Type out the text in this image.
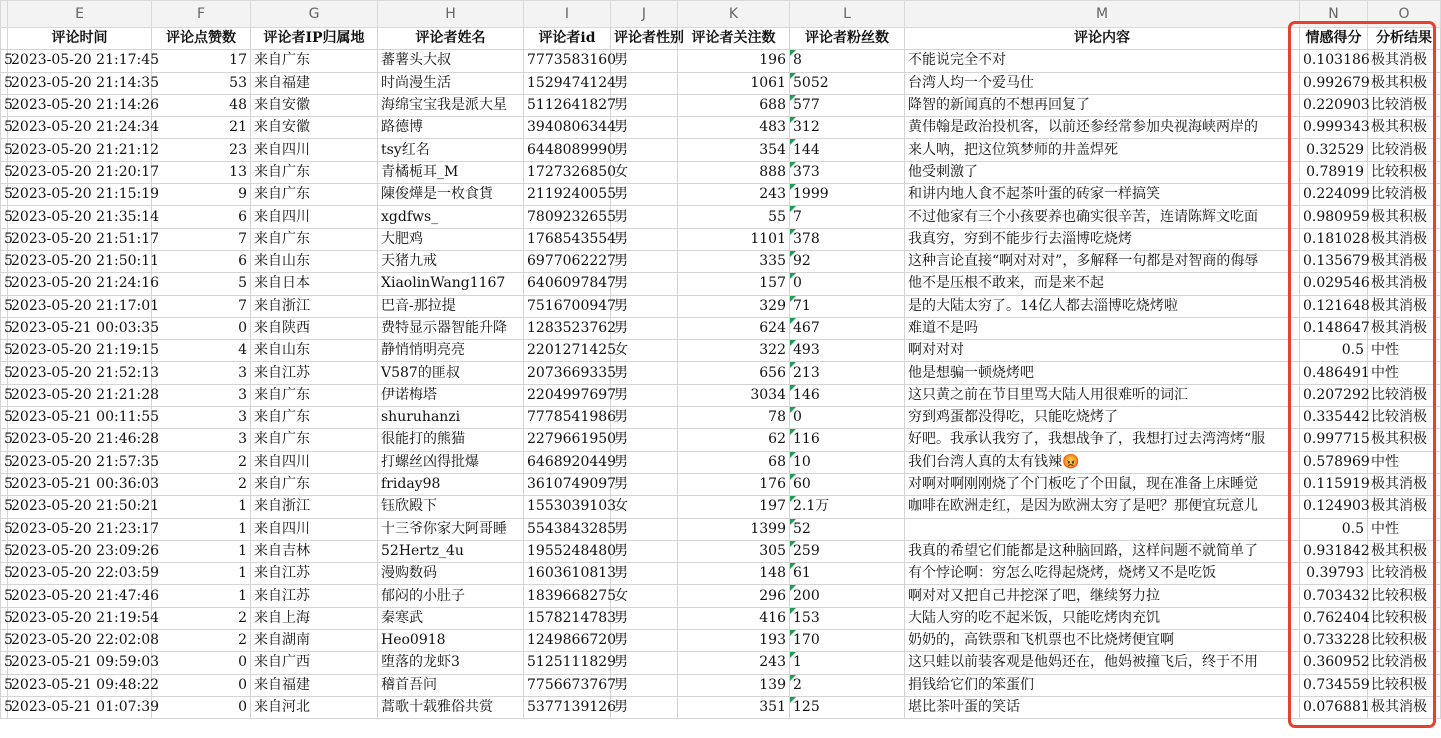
	E	F	G	H	I	J	K	L	M	N	O
	评论时间	评论点赞数	评论者IP归属地	评论者姓名	评论者id	评论者性别	评论者关注数	评论者粉丝数	评论内容	情感得分	分析结果
5	2023-05-20 21:17:45	17	来自广东	蕃薯头大叔	7773583160	男	196	8	不能说完全不对	0.103186	极其消极
5	2023-05-20 21:14:35	53	来自福建	时尚漫生活	1529474124	男	1061	5052	台湾人均一个爱马仕	0.992679	极其积极
5	2023-05-20 21:14:26	48	来自安徽	海绵宝宝我是派大星	5112641827	男	688	577	降智的新闻真的不想再回复了	0.220903	比较消极
5	2023-05-20 21:24:34	21	来自安徽	路德博	3940806344	男	483	312	黄伟翰是政治投机客，以前还参经常参加央视海峡两岸的	0.999343	极其积极
5	2023-05-20 21:21:12	23	来自四川	tsy红名	6448089990	男	354	144	来人呐，把这位筑梦师的井盖焊死	0.32529	比较消极
5	2023-05-20 21:20:17	13	来自广东	青橘栀耳_M	1727326850	女	888	373	他受刺激了	0.78919	比较积极
5	2023-05-20 21:15:19	9	来自广东	陳俊燁是一枚食貨	2119240055	男	243	1999	和讲内地人食不起茶叶蛋的砖家一样搞笑	0.224099	比较消极
5	2023-05-20 21:35:14	6	来自四川	xgdfws_	7809232655	男	55	7	不过他家有三个小孩要养也确实很辛苦，连请陈辉文吃面	0.980959	极其积极
5	2023-05-20 21:51:17	7	来自广东	大肥鸡	1768543554	男	1101	378	我真穷，穷到不能步行去淄博吃烧烤	0.181028	极其消极
5	2023-05-20 21:50:11	6	来自山东	天猪九戒	6977062227	男	335	92	这种言论直接“啊对对对”，多解释一句都是对智商的侮辱	0.135679	极其消极
5	2023-05-20 21:24:16	5	来自日本	XiaolinWang1167	6406097847	男	157	0	他不是压根不敢来，而是来不起	0.029546	极其消极
5	2023-05-20 21:17:01	7	来自浙江	巴音-那拉提	7516700947	男	329	71	是的大陆太穷了。14亿人都去淄博吃烧烤啦	0.121648	极其消极
5	2023-05-21 00:03:35	0	来自陕西	费特显示器智能升降	1283523762	男	624	467	难道不是吗	0.148647	极其消极
5	2023-05-20 21:19:15	4	来自山东	静悄悄明亮亮	2201271425	女	322	493	啊对对对	0.5	中性
5	2023-05-20 21:52:13	3	来自江苏	V587的匪叔	2073669335	男	656	213	他是想骗一顿烧烤吧	0.486491	中性
5	2023-05-20 21:21:28	3	来自广东	伊诺梅塔	2204997697	男	3034	146	这只黄之前在节目里骂大陆人用很难听的词汇	0.207292	比较消极
5	2023-05-21 00:11:55	3	来自广东	shuruhanzi	7778541986	男	78	0	穷到鸡蛋都没得吃，只能吃烧烤了	0.335442	比较消极
5	2023-05-20 21:46:28	3	来自广东	很能打的熊猫	2279661950	男	62	116	好吧。我承认我穷了，我想战争了，我想打过去湾湾烤“服	0.997715	极其积极
5	2023-05-20 21:57:35	2	来自四川	打螺丝凶得批爆	6468920449	男	68	10	我们台湾人真的太有钱辣😡	0.578969	中性
5	2023-05-21 00:36:03	2	来自广东	friday98	3610749097	男	176	60	对啊对啊刚刚烧了个门板吃了个田鼠，现在准备上床睡觉	0.115919	极其消极
5	2023-05-20 21:50:21	1	来自浙江	钰欣殿下	1553039103	女	197	2.1万	咖啡在欧洲走红，是因为欧洲太穷了是吧？那便宜玩意儿	0.124903	极其消极
5	2023-05-20 21:23:17	1	来自四川	十三爷你家大阿哥睡	5543843285	男	1399	52		0.5	中性
5	2023-05-20 23:09:26	1	来自吉林	52Hertz_4u	1955248480	男	305	259	我真的希望它们能都是这种脑回路，这样问题不就简单了	0.931842	极其积极
5	2023-05-20 22:03:59	1	来自江苏	漫购数码	1603610813	男	148	61	有个悖论啊：穷怎么吃得起烧烤，烧烤又不是吃饭	0.39793	比较消极
5	2023-05-20 21:47:46	1	来自江苏	郁闷的小肚子	1839668275	女	296	200	啊对对又把自己井挖深了吧，继续努力拉	0.703432	比较积极
5	2023-05-20 21:19:54	2	来自上海	秦寒武	1578214783	男	416	153	大陆人穷的吃不起米饭，只能吃烤肉充饥	0.762404	比较积极
5	2023-05-20 22:02:08	2	来自湖南	Heo0918	1249866720	男	193	170	奶奶的，高铁票和飞机票也不比烧烤便宜啊	0.733228	比较积极
5	2023-05-21 09:59:03	0	来自广西	堕落的龙虾3	5125111829	男	243	1	这只蛙以前装客观是他妈还在，他妈被撞飞后，终于不用	0.360952	比较消极
5	2023-05-21 09:48:22	0	来自福建	稽首吾问	7756673767	男	139	2	捐钱给它们的笨蛋们	0.734559	比较积极
5	2023-05-21 01:07:39	0	来自河北	蒿歌十载雅俗共赏	5377139126	男	351	125	堪比茶叶蛋的笑话	0.076881	极其消极
